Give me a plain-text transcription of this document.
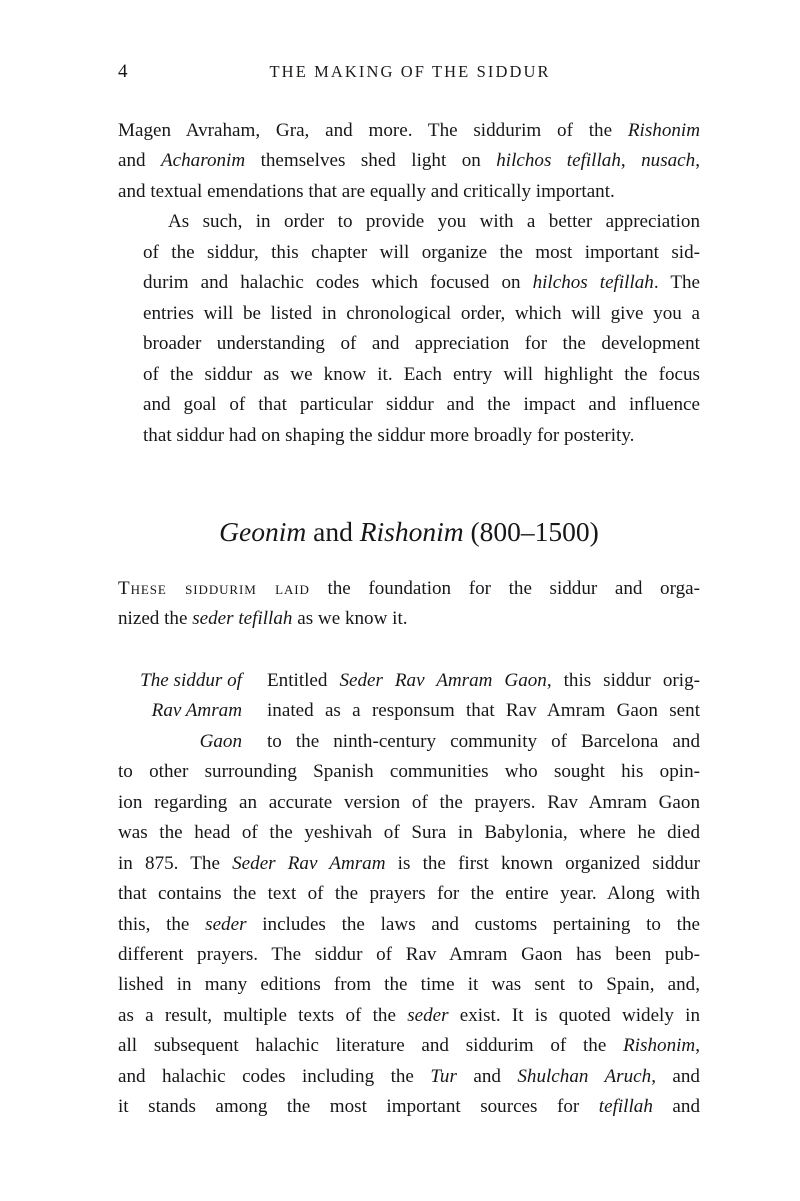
4	THE MAKING OF THE SIDDUR

Magen Avraham, Gra, and more. The siddurim of the Rishonim
and Acharonim themselves shed light on hilchos tefillah, nusach,
and textual emendations that are equally and critically important.

As such, in order to provide you with a better appreciation
of the siddur, this chapter will organize the most important sid-
durim and halachic codes which focused on hilchos tefillah. The
entries will be listed in chronological order, which will give you a
broader understanding of and appreciation for the development
of the siddur as we know it. Each entry will highlight the focus
and goal of that particular siddur and the impact and influence
that siddur had on shaping the siddur more broadly for posterity.

Geonim and Rishonim (800–1500)

These siddurim laid the foundation for the siddur and orga-
nized the seder tefillah as we know it.

The siddur of
Rav Amram
Gaon

Entitled Seder Rav Amram Gaon, this siddur orig-
inated as a responsum that Rav Amram Gaon sent
to the ninth-century community of Barcelona and
to other surrounding Spanish communities who sought his opin-
ion regarding an accurate version of the prayers. Rav Amram Gaon
was the head of the yeshivah of Sura in Babylonia, where he died
in 875. The Seder Rav Amram is the first known organized siddur
that contains the text of the prayers for the entire year. Along with
this, the seder includes the laws and customs pertaining to the
different prayers. The siddur of Rav Amram Gaon has been pub-
lished in many editions from the time it was sent to Spain, and,
as a result, multiple texts of the seder exist. It is quoted widely in
all subsequent halachic literature and siddurim of the Rishonim,
and halachic codes including the Tur and Shulchan Aruch, and
it stands among the most important sources for tefillah and
